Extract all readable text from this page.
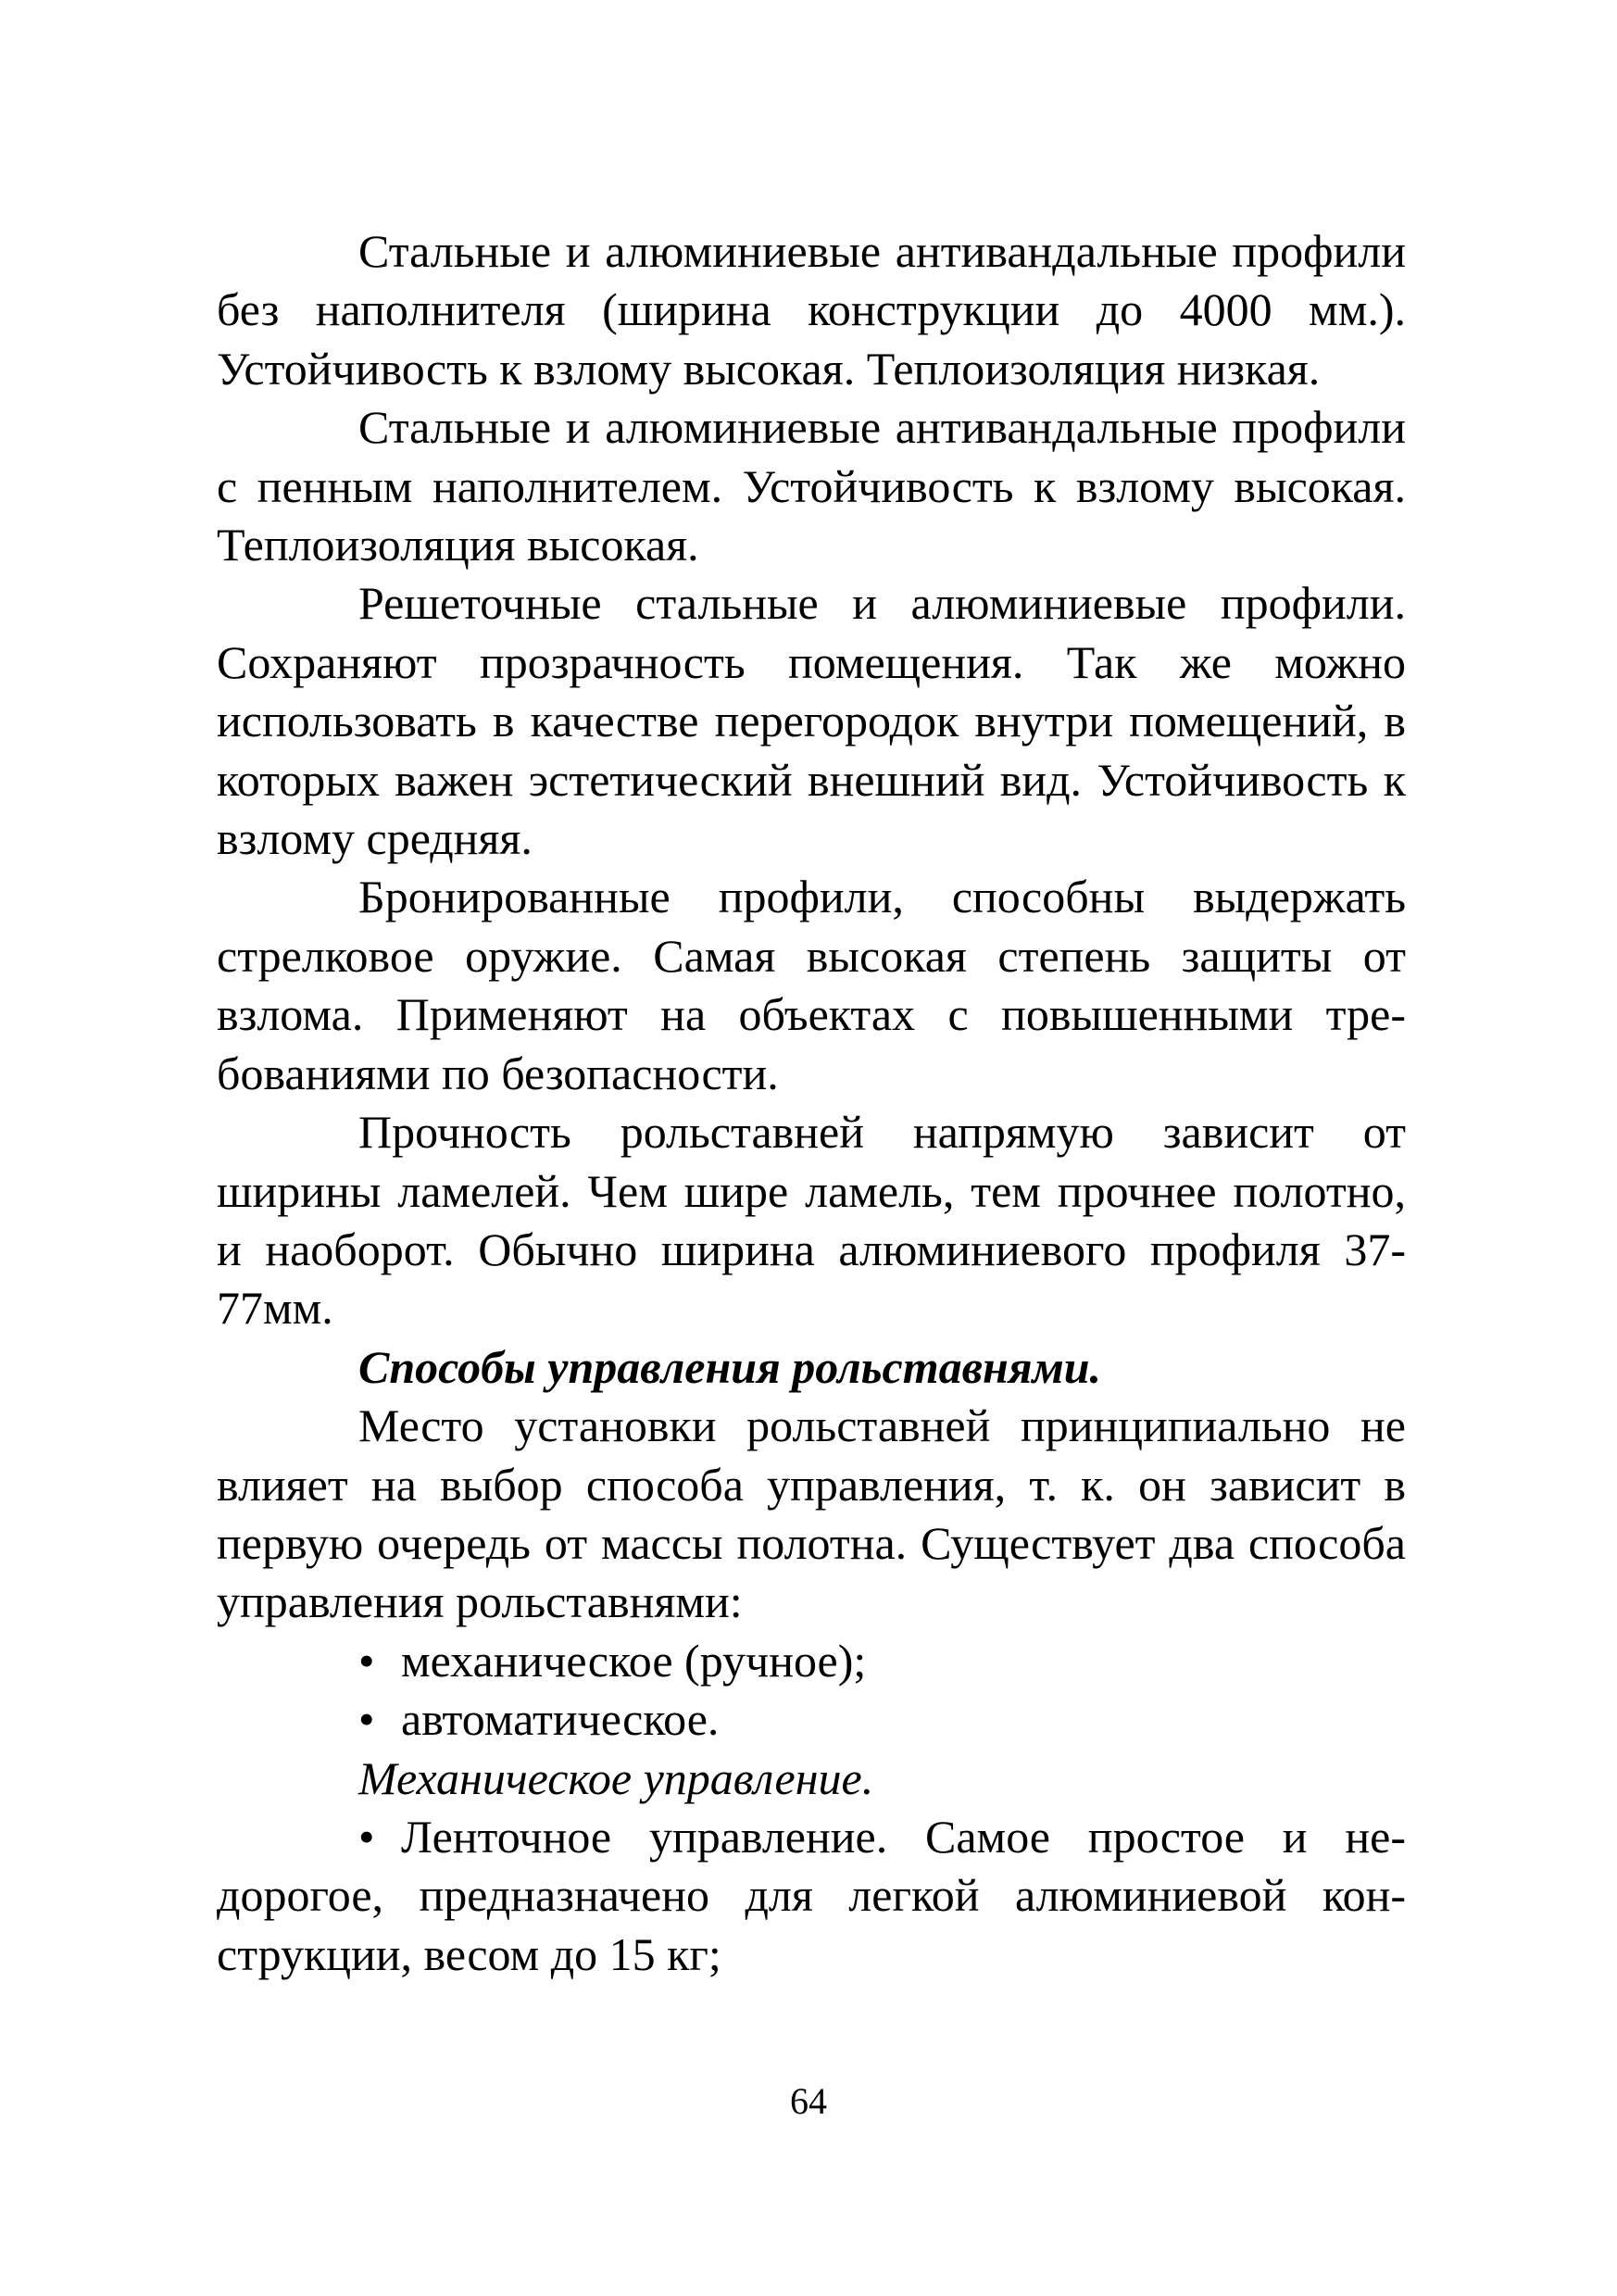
Стальные и алюминиевые антивандальные профили без наполнителя (ширина конструкции до 4000 мм.). Устойчивость к взлому высокая. Теплоизоляция низкая.

Стальные и алюминиевые антивандальные профили с пенным наполнителем. Устойчивость к взлому высокая. Теплоизоляция высокая.

Решеточные стальные и алюминиевые профили. Сохраняют прозрачность помещения. Так же можно использовать в качестве перегородок внутри помещений, в которых важен эстетический внешний вид. Устойчивость к взлому средняя.

Бронированные профили, способны выдержать стрелковое оружие. Самая высокая степень защиты от взлома. Применяют на объектах с повышенными требованиями по безопасности.

Прочность рольставней напрямую зависит от ширины ламелей. Чем шире ламель, тем прочнее полотно, и наоборот. Обычно ширина алюминиевого профиля 37-77мм.

Способы управления рольставнями.

Место установки рольставней принципиально не влияет на выбор способа управления, т. к. он зависит в первую очередь от массы полотна. Существует два способа управления рольставнями:

• механическое (ручное);
• автоматическое.

Механическое управление.

• Ленточное управление. Самое простое и недорогое, предназначено для легкой алюминиевой конструкции, весом до 15 кг;

64
